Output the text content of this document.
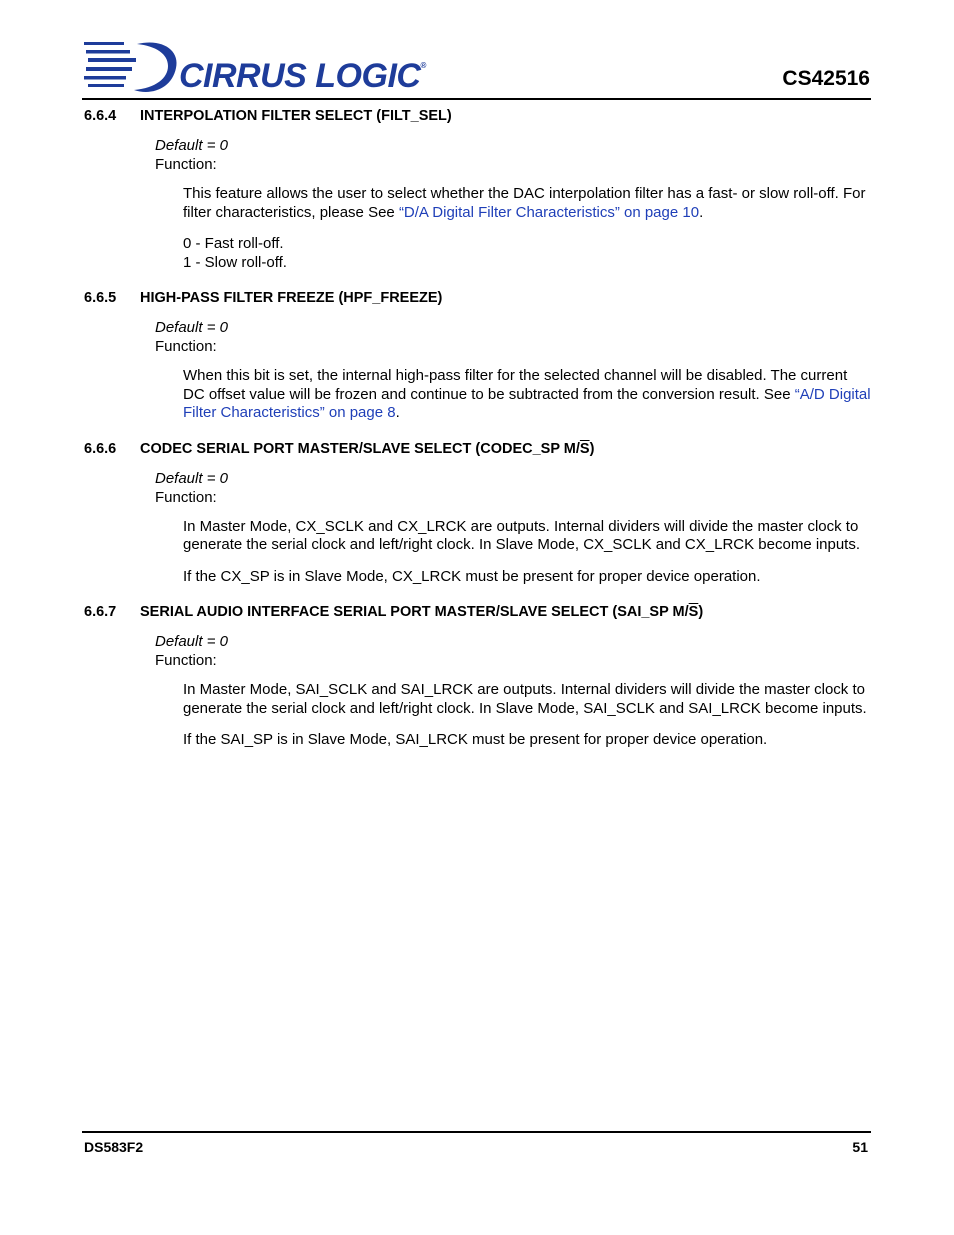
CIRRUS LOGIC®
CS42516
6.6.4 INTERPOLATION FILTER SELECT (FILT_SEL)
Default = 0
Function:

This feature allows the user to select whether the DAC interpolation filter has a fast- or slow roll-off. For filter characteristics, please See “D/A Digital Filter Characteristics” on page 10.

0 - Fast roll-off.
1 - Slow roll-off.

6.6.5 HIGH-PASS FILTER FREEZE (HPF_FREEZE)
Default = 0
Function:

When this bit is set, the internal high-pass filter for the selected channel will be disabled. The current DC offset value will be frozen and continue to be subtracted from the conversion result. See “A/D Digital Filter Characteristics” on page 8.

6.6.6 CODEC SERIAL PORT MASTER/SLAVE SELECT (CODEC_SP $M/\overline{S}$)
Default = 0
Function:

In Master Mode, CX_SCLK and CX_LRCK are outputs. Internal dividers will divide the master clock to generate the serial clock and left/right clock. In Slave Mode, CX_SCLK and CX_LRCK become inputs.

If the CX_SP is in Slave Mode, CX_LRCK must be present for proper device operation.

6.6.7 SERIAL AUDIO INTERFACE SERIAL PORT MASTER/SLAVE SELECT (SAI_SP $M/\overline{S}$)
Default = 0
Function:

In Master Mode, SAI_SCLK and SAI_LRCK are outputs. Internal dividers will divide the master clock to generate the serial clock and left/right clock. In Slave Mode, SAI_SCLK and SAI_LRCK become inputs.

If the SAI_SP is in Slave Mode, SAI_LRCK must be present for proper device operation.

DS583F2	51
